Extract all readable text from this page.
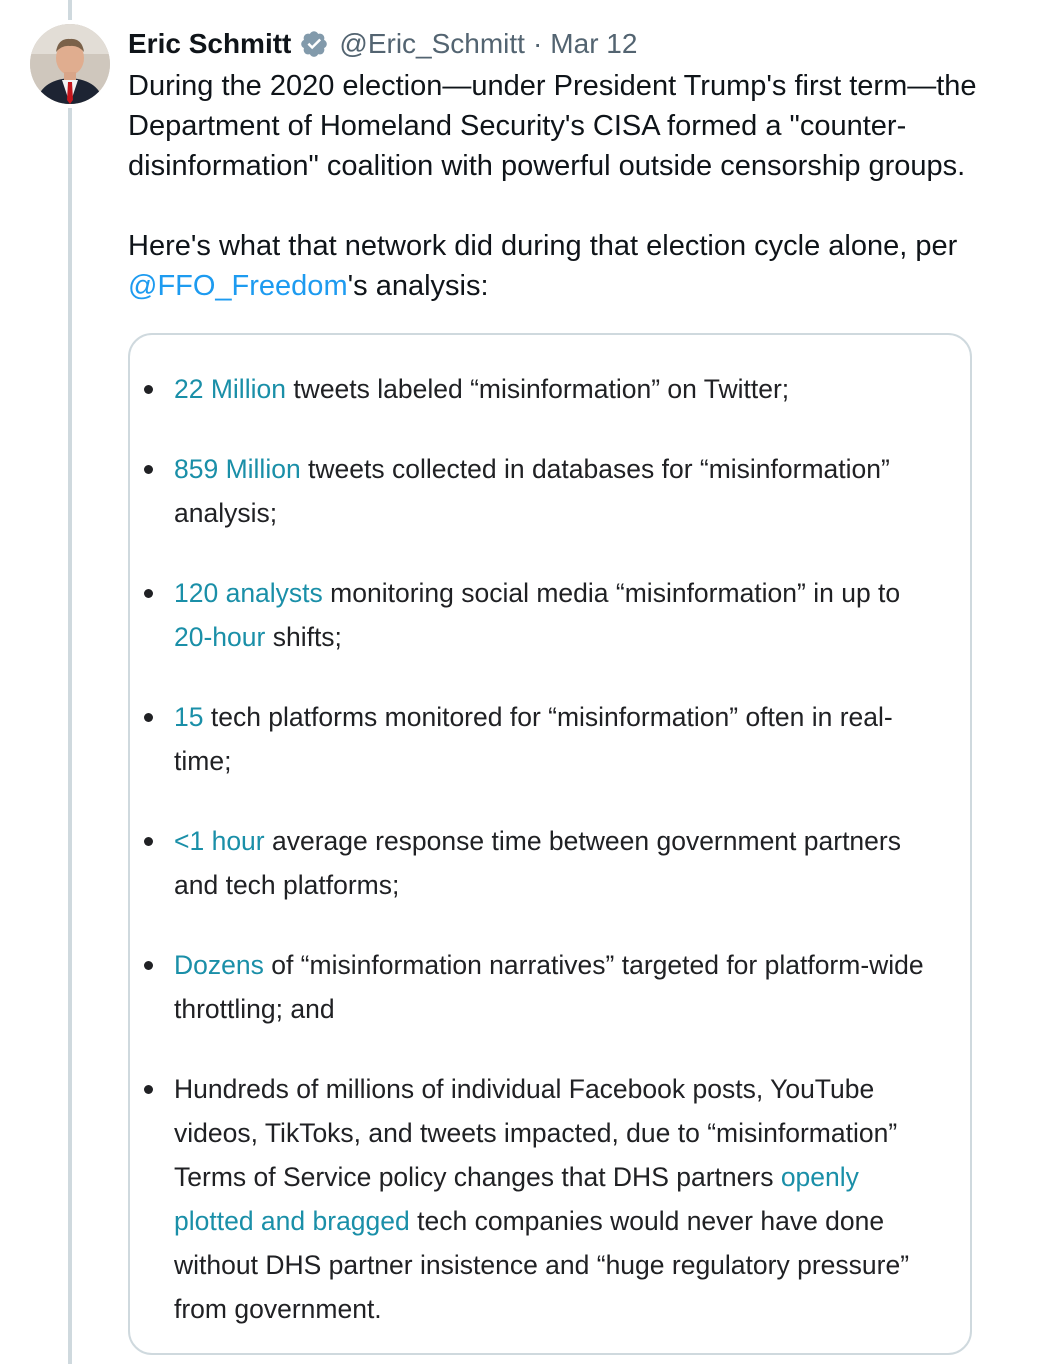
Eric Schmitt @Eric_Schmitt · Mar 12

During the 2020 election—under President Trump's first term—the Department of Homeland Security's CISA formed a "counter-disinformation" coalition with powerful outside censorship groups.

Here's what that network did during that election cycle alone, per @FFO_Freedom's analysis:

22 Million tweets labeled “misinformation” on Twitter;
859 Million tweets collected in databases for “misinformation” analysis;
120 analysts monitoring social media “misinformation” in up to 20-hour shifts;
15 tech platforms monitored for “misinformation” often in real-time;
<1 hour average response time between government partners and tech platforms;
Dozens of “misinformation narratives” targeted for platform-wide throttling; and
Hundreds of millions of individual Facebook posts, YouTube videos, TikToks, and tweets impacted, due to “misinformation” Terms of Service policy changes that DHS partners openly plotted and bragged tech companies would never have done without DHS partner insistence and “huge regulatory pressure” from government.
